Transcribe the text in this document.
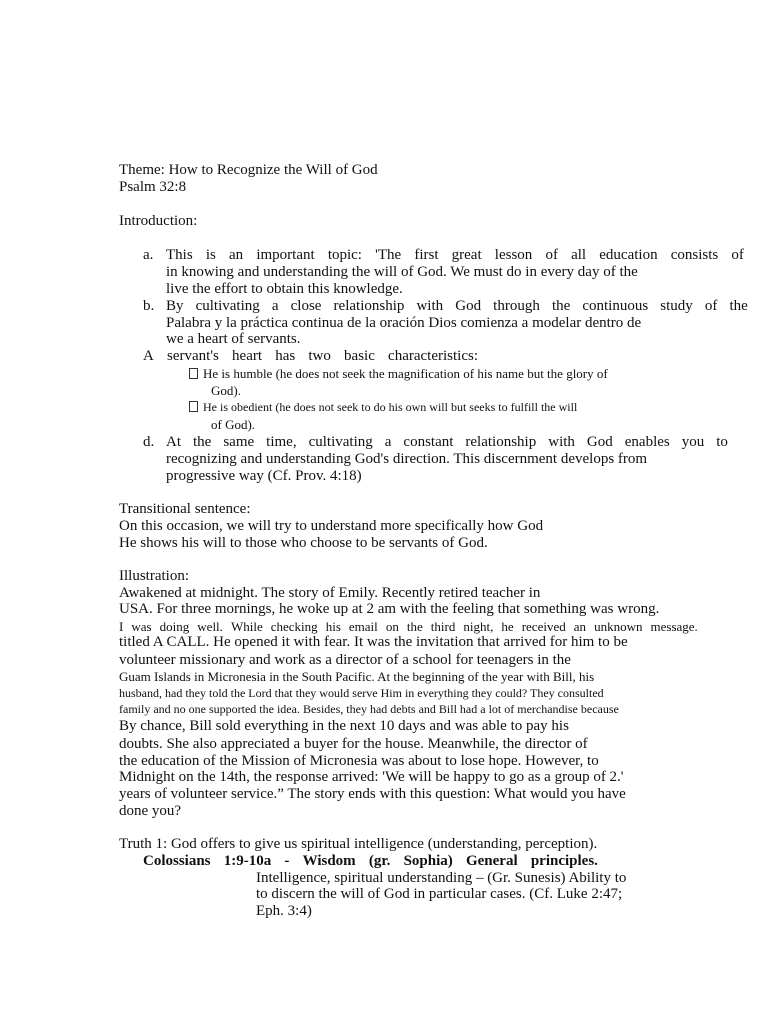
Theme: How to Recognize the Will of God
Psalm 32:8
Introduction:
a. This is an important topic: 'The first great lesson of all education consists of
in knowing and understanding the will of God. We must do in every day of the
live the effort to obtain this knowledge.
b. By cultivating a close relationship with God through the continuous study of the
Palabra y la práctica continua de la oración Dios comienza a modelar dentro de
we a heart of servants.
A servant's heart has two basic characteristics:
He is humble (he does not seek the magnification of his name but the glory of
God).
He is obedient (he does not seek to do his own will but seeks to fulfill the will
of God).
d. At the same time, cultivating a constant relationship with God enables you to
recognizing and understanding God's direction. This discernment develops from
progressive way (Cf. Prov. 4:18)
Transitional sentence:
On this occasion, we will try to understand more specifically how God
He shows his will to those who choose to be servants of God.
Illustration:
Awakened at midnight. The story of Emily. Recently retired teacher in
USA. For three mornings, he woke up at 2 am with the feeling that something was wrong.
I was doing well. While checking his email on the third night, he received an unknown message.
titled A CALL. He opened it with fear. It was the invitation that arrived for him to be
volunteer missionary and work as a director of a school for teenagers in the
Guam Islands in Micronesia in the South Pacific. At the beginning of the year with Bill, his
husband, had they told the Lord that they would serve Him in everything they could? They consulted
family and no one supported the idea. Besides, they had debts and Bill had a lot of merchandise because
By chance, Bill sold everything in the next 10 days and was able to pay his
doubts. She also appreciated a buyer for the house. Meanwhile, the director of
the education of the Mission of Micronesia was about to lose hope. However, to
Midnight on the 14th, the response arrived: 'We will be happy to go as a group of 2.'
years of volunteer service.” The story ends with this question: What would you have
done you?
Truth 1: God offers to give us spiritual intelligence (understanding, perception).
Colossians 1:9-10a - Wisdom (gr. Sophia) General principles.
Intelligence, spiritual understanding – (Gr. Sunesis) Ability to
to discern the will of God in particular cases. (Cf. Luke 2:47;
Eph. 3:4)
